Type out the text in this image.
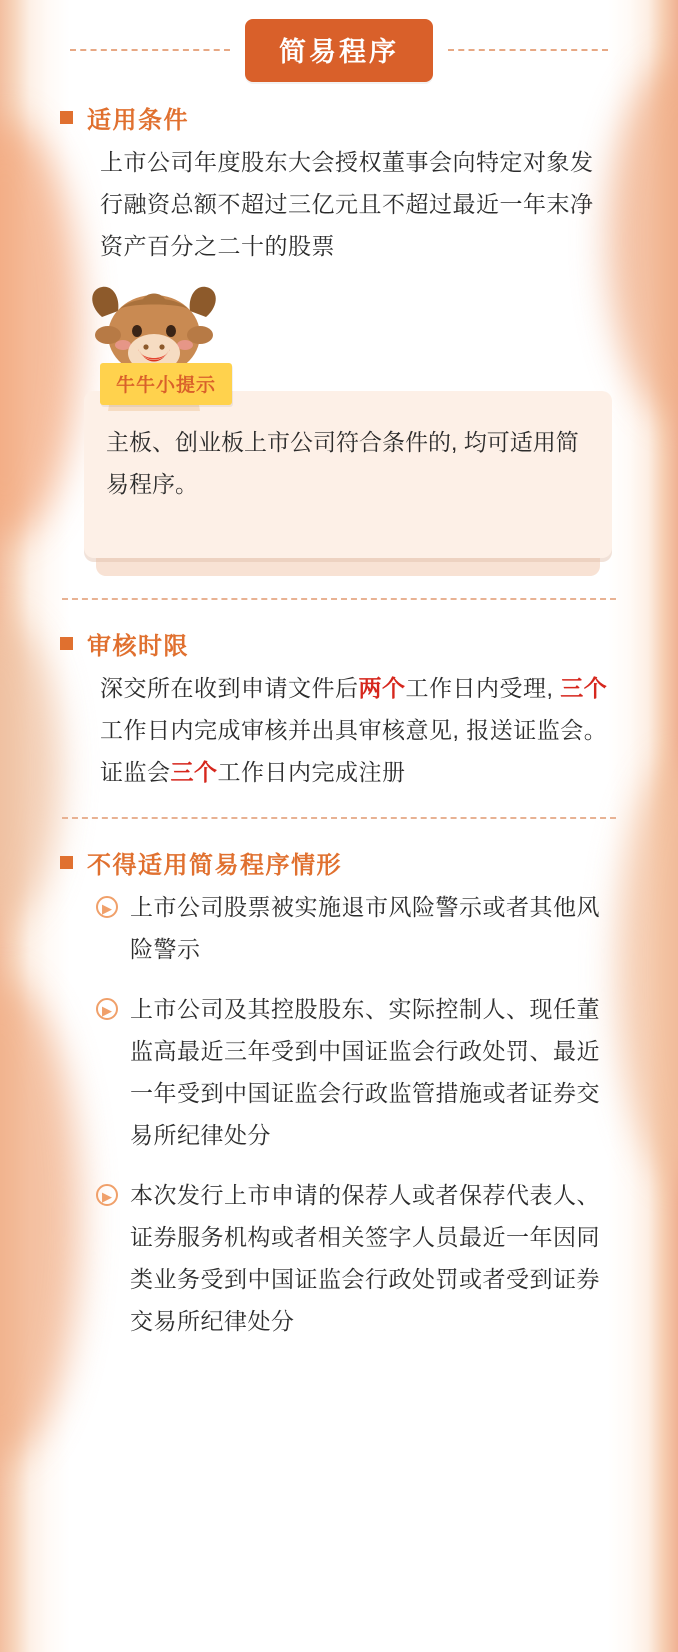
简易程序
适用条件
上市公司年度股东大会授权董事会向特定对象发行融资总额不超过三亿元且不超过最近一年末净资产百分之二十的股票
牛牛小提示
主板、创业板上市公司符合条件的, 均可适用简易程序。
审核时限
深交所在收到申请文件后两个工作日内受理, 三个工作日内完成审核并出具审核意见, 报送证监会。证监会三个工作日内完成注册
不得适用简易程序情形
▶ 上市公司股票被实施退市风险警示或者其他风险警示
▶ 上市公司及其控股股东、实际控制人、现任董监高最近三年受到中国证监会行政处罚、最近一年受到中国证监会行政监管措施或者证券交易所纪律处分
▶ 本次发行上市申请的保荐人或者保荐代表人、证券服务机构或者相关签字人员最近一年因同类业务受到中国证监会行政处罚或者受到证券交易所纪律处分
